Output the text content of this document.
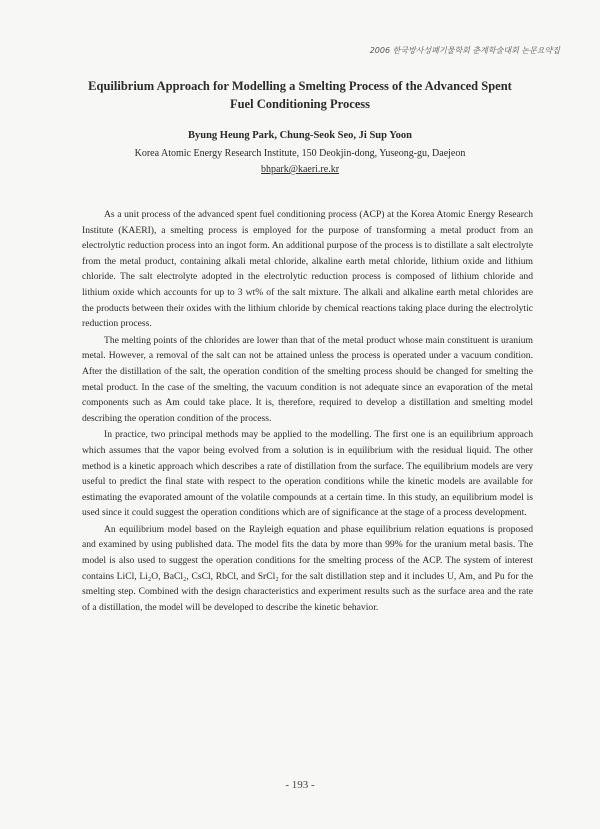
2006 한국방사성폐기물학회 춘계학술대회 논문요약집
Equilibrium Approach for Modelling a Smelting Process of the Advanced Spent
Fuel Conditioning Process
Byung Heung Park, Chung-Seok Seo, Ji Sup Yoon
Korea Atomic Energy Research Institute, 150 Deokjin-dong, Yuseong-gu, Daejeon
bhpark@kaeri.re.kr

As a unit process of the advanced spent fuel conditioning process (ACP) at the Korea Atomic Energy Research Institute (KAERI), a smelting process is employed for the purpose of transforming a metal product from an electrolytic reduction process into an ingot form. An additional purpose of the process is to distillate a salt electrolyte from the metal product, containing alkali metal chloride, alkaline earth metal chloride, lithium oxide and lithium chloride. The salt electrolyte adopted in the electrolytic reduction process is composed of lithium chloride and lithium oxide which accounts for up to 3 wt% of the salt mixture. The alkali and alkaline earth metal chlorides are the products between their oxides with the lithium chloride by chemical reactions taking place during the electrolytic reduction process.

The melting points of the chlorides are lower than that of the metal product whose main constituent is uranium metal. However, a removal of the salt can not be attained unless the process is operated under a vacuum condition. After the distillation of the salt, the operation condition of the smelting process should be changed for smelting the metal product. In the case of the smelting, the vacuum condition is not adequate since an evaporation of the metal components such as Am could take place. It is, therefore, required to develop a distillation and smelting model describing the operation condition of the process.

In practice, two principal methods may be applied to the modelling. The first one is an equilibrium approach which assumes that the vapor being evolved from a solution is in equilibrium with the residual liquid. The other method is a kinetic approach which describes a rate of distillation from the surface. The equilibrium models are very useful to predict the final state with respect to the operation conditions while the kinetic models are available for estimating the evaporated amount of the volatile compounds at a certain time. In this study, an equilibrium model is used since it could suggest the operation conditions which are of significance at the stage of a process development.

An equilibrium model based on the Rayleigh equation and phase equilibrium relation equations is proposed and examined by using published data. The model fits the data by more than 99% for the uranium metal basis. The model is also used to suggest the operation conditions for the smelting process of the ACP. The system of interest contains LiCl, Li₂O, BaCl₂, CsCl, RbCl, and SrCl₂ for the salt distillation step and it includes U, Am, and Pu for the smelting step. Combined with the design characteristics and experiment results such as the surface area and the rate of a distillation, the model will be developed to describe the kinetic behavior.

- 193 -
